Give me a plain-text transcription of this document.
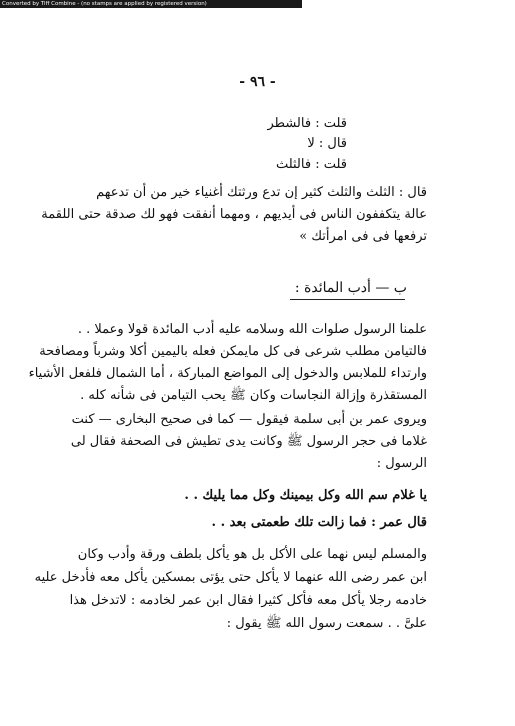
Converted by Tiff Combine - (no stamps are applied by registered version)
- ٩٦ -
قلت : فالشطر
قال : لا
قلت : فالثلث
قال : الثلث والثلث كثير إن تدع ورثتك أغنياء خير من أن تدعهم
عالة يتكففون الناس فى أيديهم ، ومهما أنفقت فهو لك صدقة حتى اللقمة
ترفعها فى فى امرأتك »
ب — أدب المائدة :
علمنا الرسول صلوات الله وسلامه عليه أدب المائدة قولا وعملا . .
فالتيامن مطلب شرعى فى كل مايمكن فعله باليمين أكلا وشرباً ومصافحة
وارتداء للملابس والدخول إلى المواضع المباركة ، أما الشمال فلفعل الأشياء
المستقذرة وإزالة النجاسات وكان ﷺ يحب التيامن فى شأنه كله .
ويروى عمر بن أبى سلمة فيقول — كما فى صحيح البخارى — كنت
غلاما فى حجر الرسول ﷺ وكانت يدى تطيش فى الصحفة فقال لى
الرسول :
يا غلام سم الله وكل بيمينك وكل مما يليك . .
قال عمر : فما زالت تلك طعمتى بعد . .
والمسلم ليس نهما على الأكل بل هو يأكل بلطف ورقة وأدب وكان
ابن عمر رضى الله عنهما لا يأكل حتى يؤتى بمسكين يأكل معه فأدخل عليه
خادمه رجلا يأكل معه فأكل كثيرا فقال ابن عمر لخادمه : لاتدخل هذا
علىَّ . . سمعت رسول الله ﷺ يقول :
